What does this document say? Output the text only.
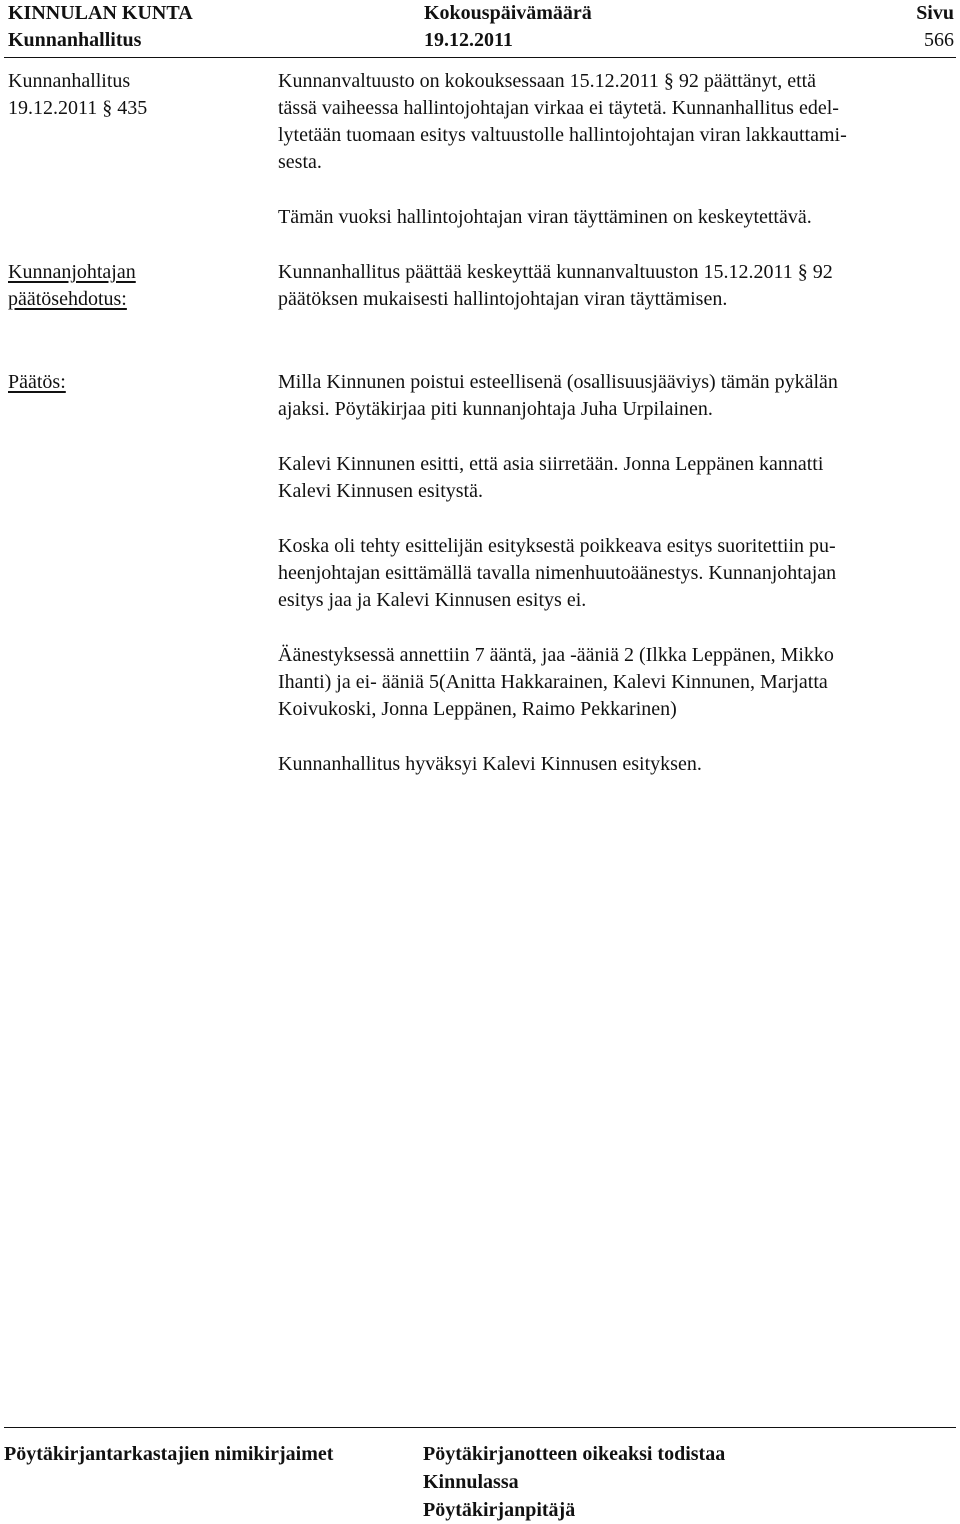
KINNULAN KUNTA
Kunnanhallitus
Kokouspäivämäärä
19.12.2011
Sivu
566
Kunnanhallitus
19.12.2011 § 435
Kunnanjohtajan
päätösehdotus:
Päätös:
Kunnanvaltuusto on kokouksessaan 15.12.2011 § 92 päättänyt, että
tässä vaiheessa hallintojohtajan virkaa ei täytetä. Kunnanhallitus edel-
lytetään tuomaan esitys valtuustolle hallintojohtajan viran lakkauttami-
sesta.
Tämän vuoksi hallintojohtajan viran täyttäminen on keskeytettävä.
Kunnanhallitus päättää keskeyttää kunnanvaltuuston 15.12.2011 § 92
päätöksen mukaisesti hallintojohtajan viran täyttämisen.
Milla Kinnunen poistui esteellisenä (osallisuusjääviys) tämän pykälän
ajaksi. Pöytäkirjaa piti kunnanjohtaja Juha Urpilainen.
Kalevi Kinnunen esitti, että asia siirretään. Jonna Leppänen kannatti
Kalevi Kinnusen esitystä.
Koska oli tehty esittelijän esityksestä poikkeava esitys suoritettiin pu-
heenjohtajan esittämällä tavalla nimenhuutoäänestys. Kunnanjohtajan
esitys jaa ja Kalevi Kinnusen esitys ei.
Äänestyksessä annettiin 7 ääntä, jaa -ääniä 2 (Ilkka Leppänen, Mikko
Ihanti) ja ei- ääniä 5(Anitta Hakkarainen, Kalevi Kinnunen, Marjatta
Koivukoski, Jonna Leppänen, Raimo Pekkarinen)
Kunnanhallitus hyväksyi Kalevi Kinnusen esityksen.
Pöytäkirjantarkastajien nimikirjaimet	Pöytäkirjanotteen oikeaksi todistaa
Kinnulassa
Pöytäkirjanpitäjä
